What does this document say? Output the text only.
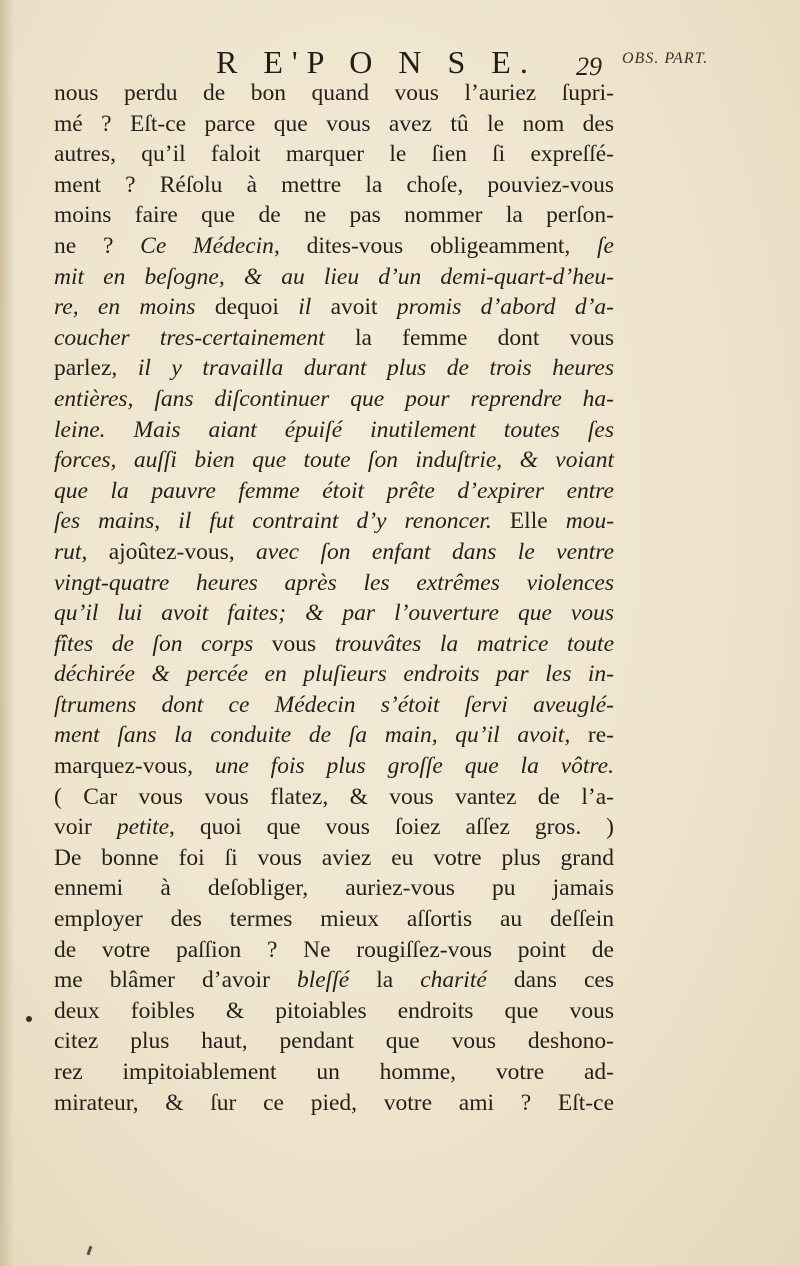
R E'P O N S E. 29 OBS. PART.
nous perdu de bon quand vous l’auriez ſupri-
mé ? Eſt-ce parce que vous avez tû le nom des
autres, qu’il faloit marquer le ſien ſi expreſſé-
ment ? Réſolu à mettre la choſe, pouviez-vous
moins faire que de ne pas nommer la perſon-
ne ? Ce Médecin, dites-vous obligeamment, ſe
mit en beſogne, & au lieu d’un demi-quart-d’heu-
re, en moins dequoi il avoit promis d’abord d’a-
coucher tres-certainement la femme dont vous
parlez, il y travailla durant plus de trois heures
entières, ſans diſcontinuer que pour reprendre ha-
leine. Mais aiant épuiſé inutilement toutes ſes
forces, auſſi bien que toute ſon induſtrie, & voiant
que la pauvre femme étoit prête d’expirer entre
ſes mains, il fut contraint d’y renoncer. Elle mou-
rut, ajoûtez-vous, avec ſon enfant dans le ventre
vingt-quatre heures après les extrêmes violences
qu’il lui avoit faites; & par l’ouverture que vous
fîtes de ſon corps vous trouvâtes la matrice toute
déchirée & percée en pluſieurs endroits par les in-
ſtrumens dont ce Médecin s’étoit ſervi aveuglé-
ment ſans la conduite de ſa main, qu’il avoit, re-
marquez-vous, une fois plus groſſe que la vôtre.
( Car vous vous flatez, & vous vantez de l’a-
voir petite, quoi que vous ſoiez aſſez gros. )
De bonne foi ſi vous aviez eu votre plus grand
ennemi à deſobliger, auriez-vous pu jamais
employer des termes mieux aſſortis au deſſein
de votre paſſion ? Ne rougiſſez-vous point de
me blâmer d’avoir bleſſé la charité dans ces
deux foibles & pitoiables endroits que vous
citez plus haut, pendant que vous deshono-
rez impitoiablement un homme, votre ad-
mirateur, & ſur ce pied, votre ami ? Eſt-ce
